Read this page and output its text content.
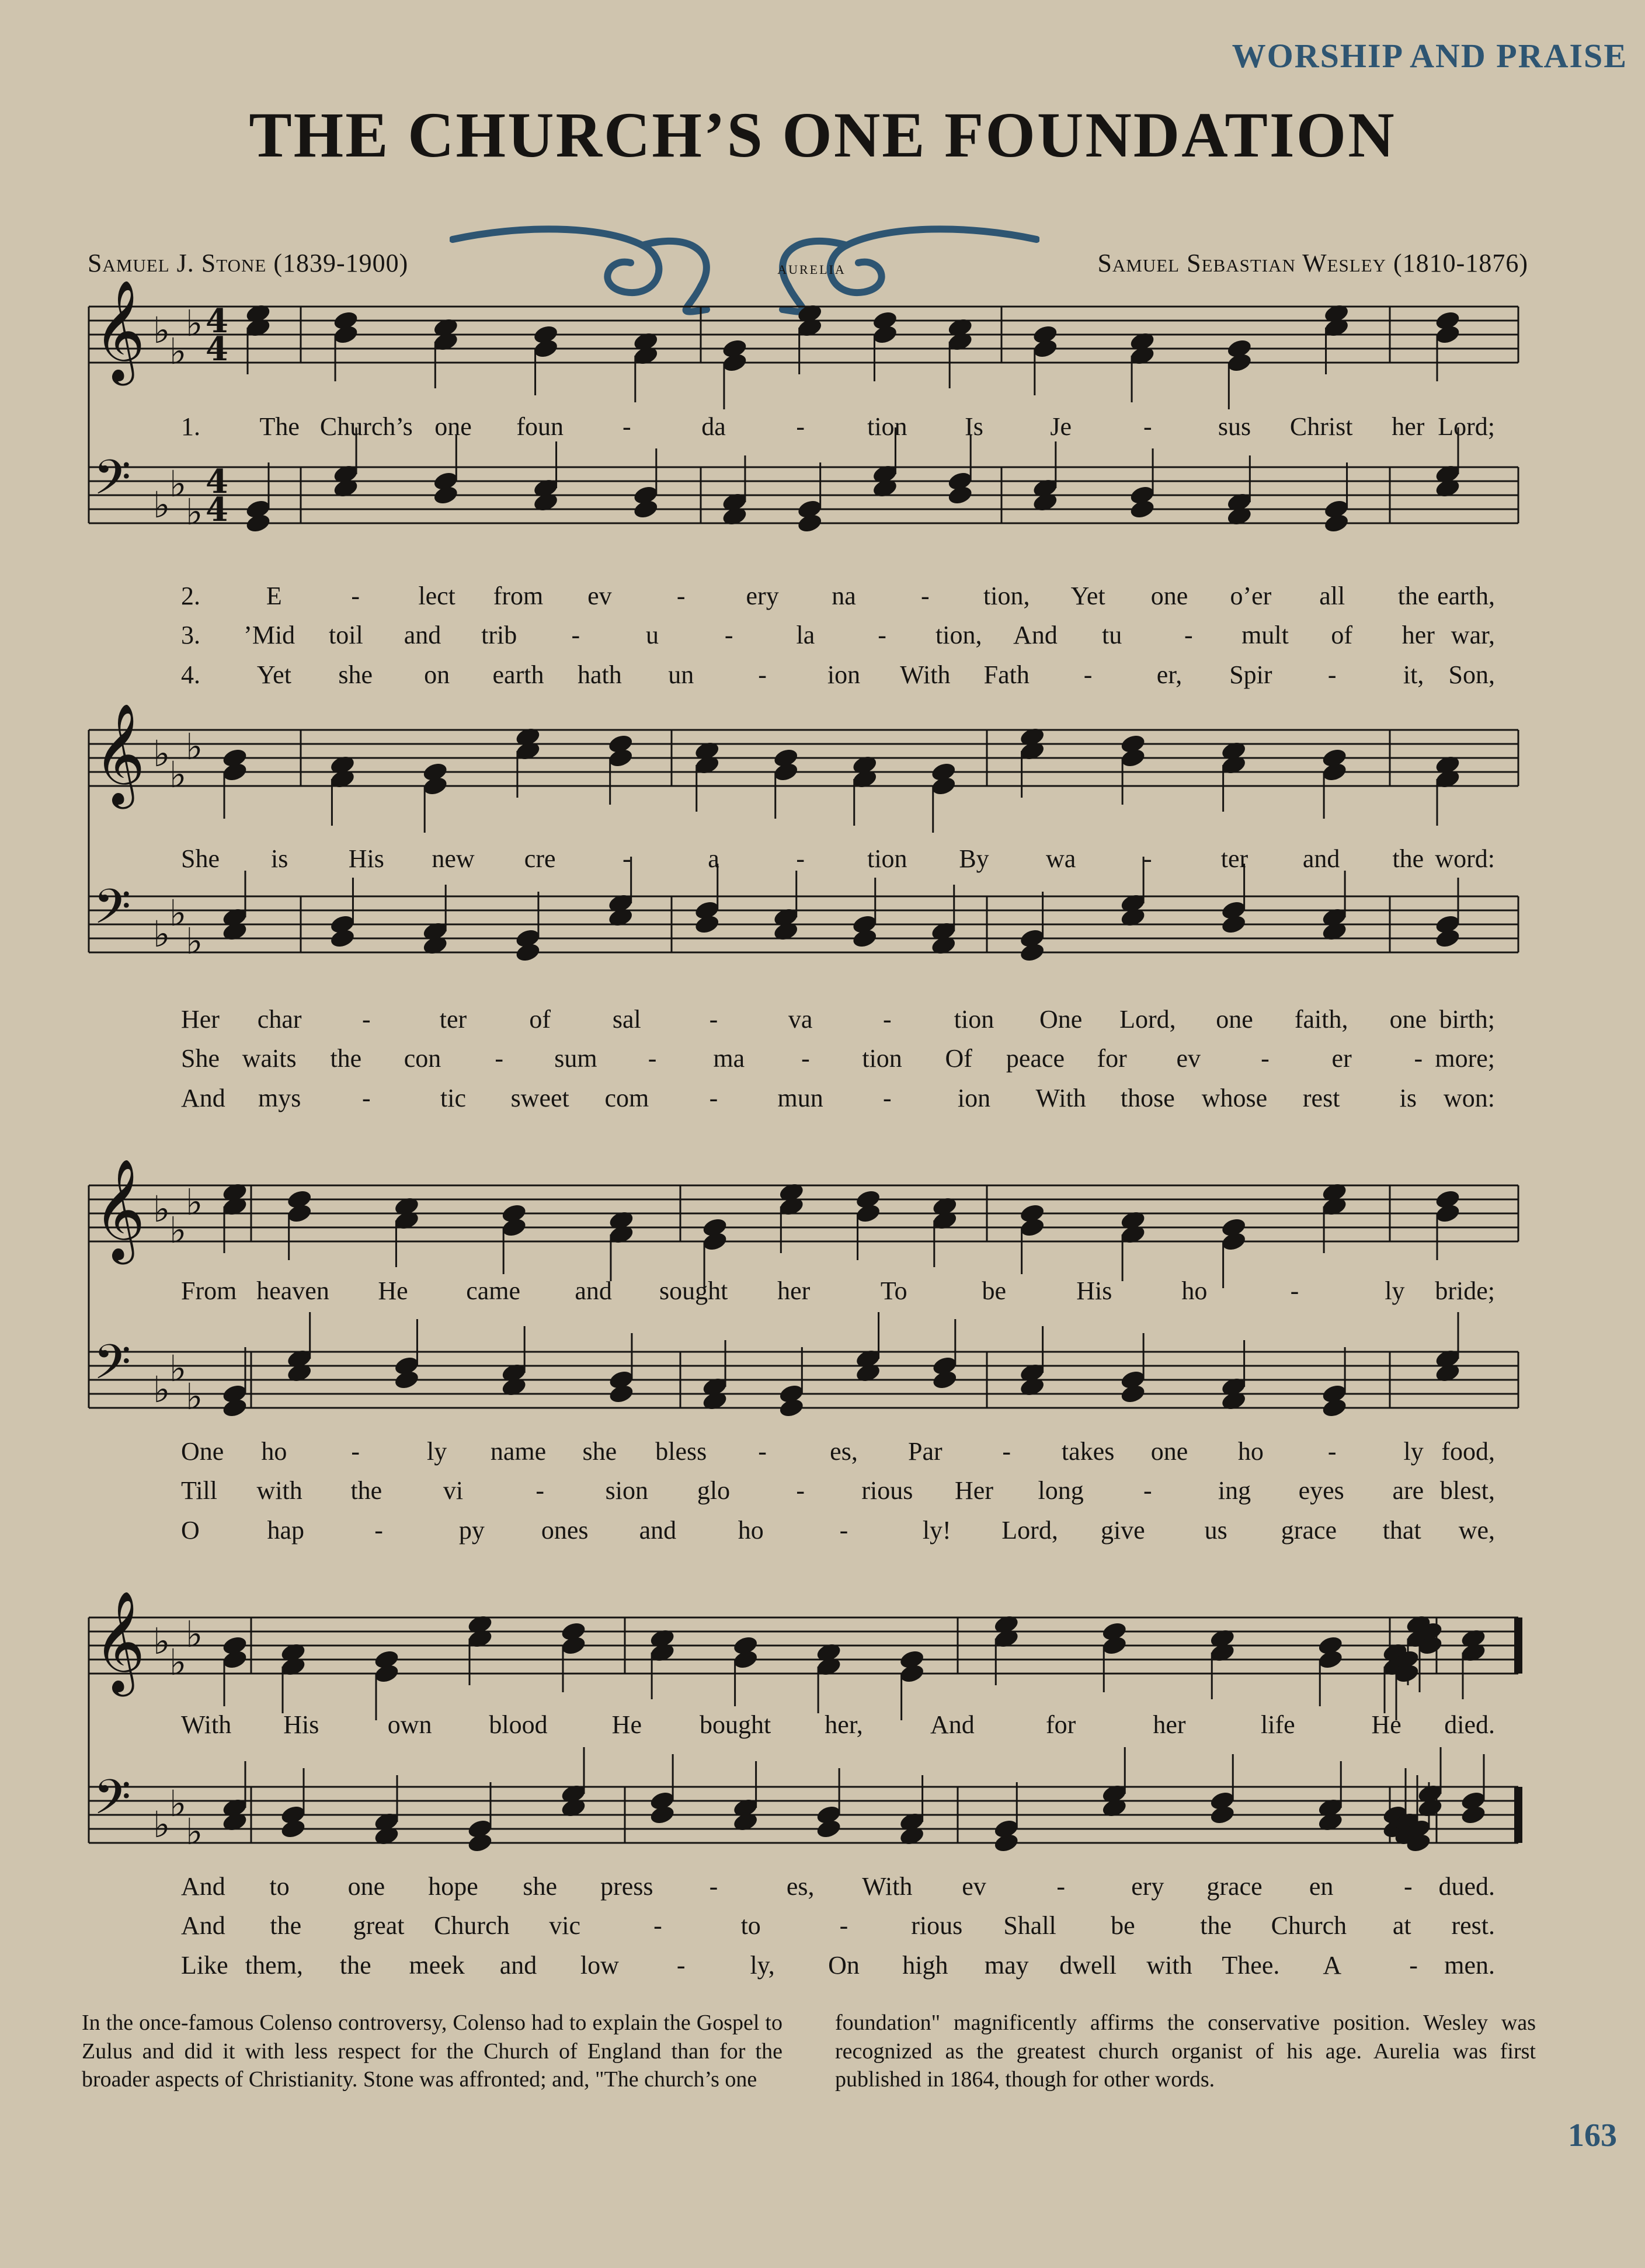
WORSHIP AND PRAISE
THE CHURCH’S ONE FOUNDATION
Samuel J. Stone (1839-1900)	Samuel Sebastian Wesley (1810-1876)
aurelia
𝄞 ♭
♭
♭ 4
4
𝄢 ♭
♭
♭
4
4
𝄞 ♭
♭
♭
𝄢 ♭
♭
♭
𝄞 ♭
♭
♭
𝄢 ♭
♭
♭
𝄞 ♭
♭
♭
𝄢 ♭
♭
♭
1. The Church’s one foun -	da	- tion Is	Je	-	sus Christ her Lord;
2.	E	- lect from ev	- ery na	- tion, Yet one o’er all the earth,
3. ’Mid toil and trib -	u	- la - tion, And tu - mult of her war,
4. Yet she on earth hath un	- ion With Fath -	er, Spir -	it, Son,
She is His new cre	-	a	- tion By wa	-	ter and the word:
Her char -	ter of sal	-	va	- tion One Lord, one faith, one birth;
She waits the con - sum - ma - tion Of peace for ev - er - more;
And mys -	tic sweet com - mun -	ion With those whose rest is won:
From heaven He came and sought her	To	be	His	ho	-	ly bride;
One ho	-	ly name she bless - es, Par - takes one ho	-	ly food,
Till with the vi	- sion glo	- rious Her long -	ing eyes are blest,
O	hap	-	py ones and ho	-	ly! Lord, give us grace that we,
With His	own blood	He bought her,	And	for	her	life	He died.
And to one hope she press -	es, With ev	-	ery grace en	- dued.
And the great Church vic	-	to	- rious Shall be	the Church at rest.
Like them, the meek and low -	ly, On high may dwell with Thee. A	- men.
In the once-famous Colenso controversy, Colenso had to explain the Gospel to Zulus and did it with less respect for the Church of England than for the broader aspects of Christianity. Stone was affronted; and, "The church’s one
foundation" magnificently affirms the conservative position. Wesley was recognized as the greatest church organist of his age. Aurelia was first published in 1864, though for other words.
163
